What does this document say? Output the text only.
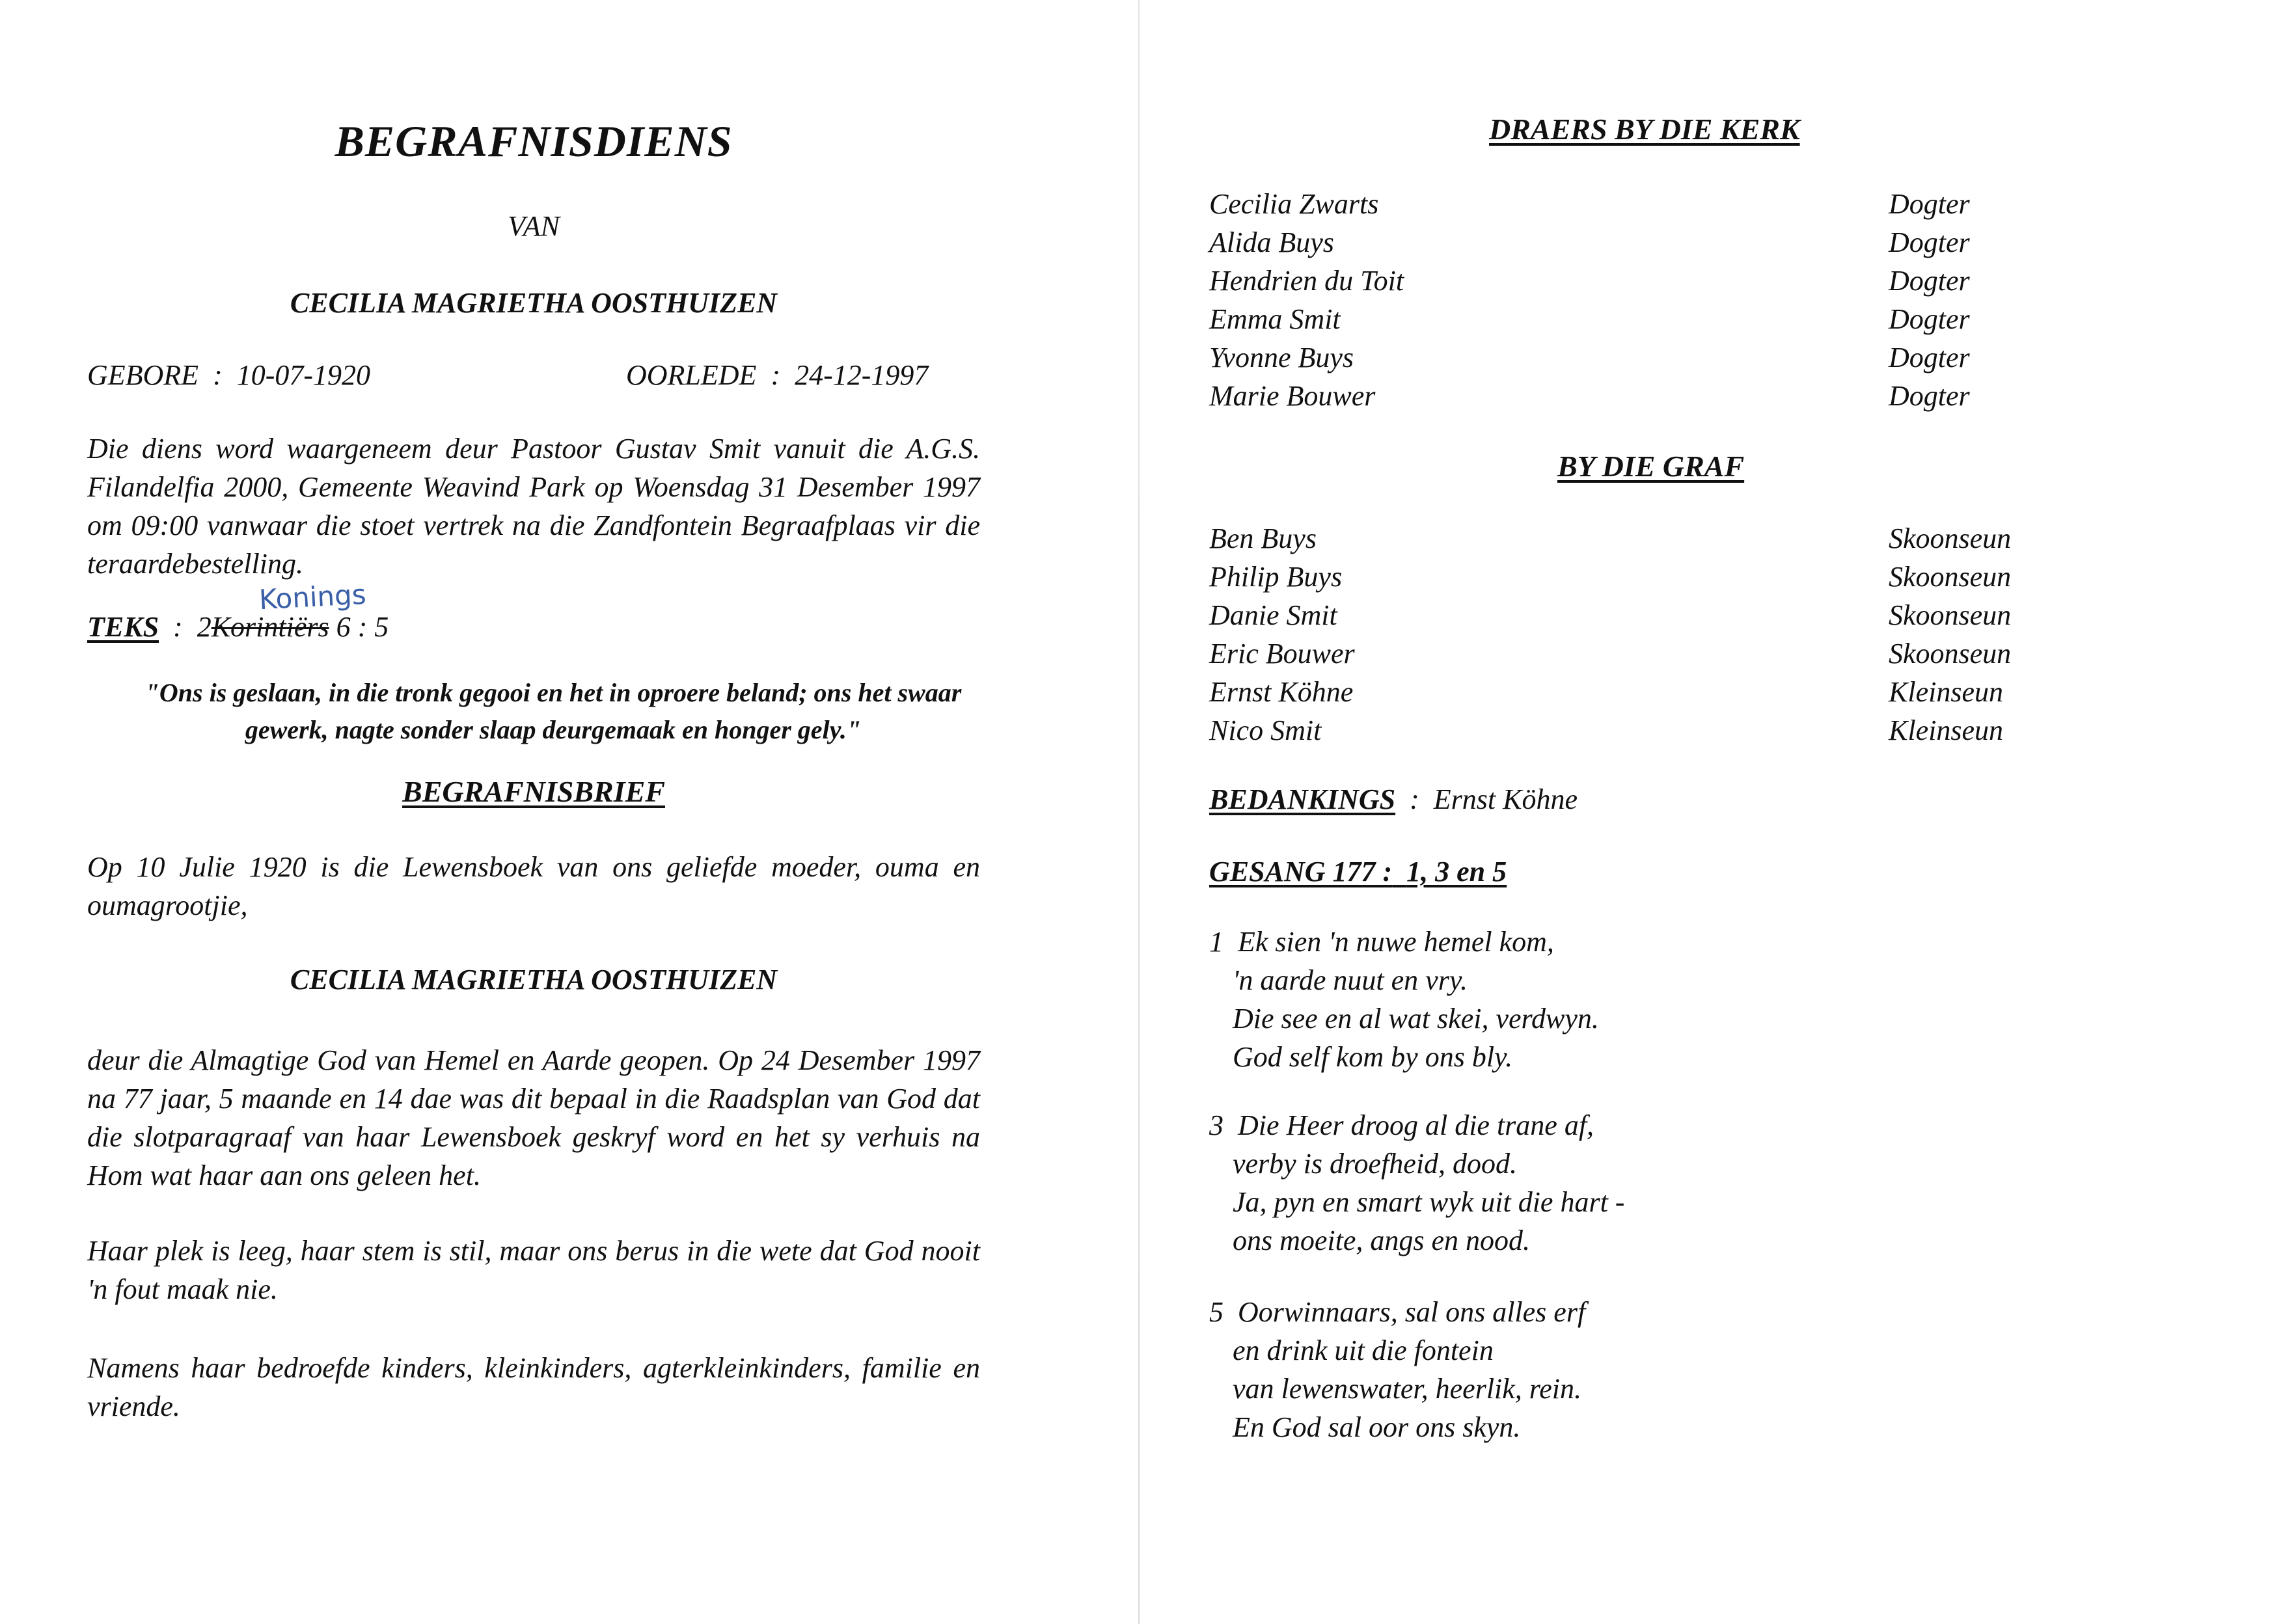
BEGRAFNISDIENS
VAN
CECILIA MAGRIETHA OOSTHUIZEN
GEBORE : 10-07-1920	OORLEDE : 24-12-1997
Die diens word waargeneem deur Pastoor Gustav Smit vanuit die A.G.S. Filandelfia 2000, Gemeente Weavind Park op Woensdag 31 Desember 1997 om 09:00 vanwaar die stoet vertrek na die Zandfontein Begraafplaas vir die teraardebestelling.
Konings
TEKS  :  2Korintiërs 6 : 5
"Ons is geslaan, in die tronk gegooi en het in oproere beland; ons het swaar gewerk, nagte sonder slaap deurgemaak en honger gely."
BEGRAFNISBRIEF
Op 10 Julie 1920 is die Lewensboek van ons geliefde moeder, ouma en oumagrootjie,
CECILIA MAGRIETHA OOSTHUIZEN
deur die Almagtige God van Hemel en Aarde geopen. Op 24 Desember 1997 na 77 jaar, 5 maande en 14 dae was dit bepaal in die Raadsplan van God dat die slotparagraaf van haar Lewensboek geskryf word en het sy verhuis na Hom wat haar aan ons geleen het.
Haar plek is leeg, haar stem is stil, maar ons berus in die wete dat God nooit 'n fout maak nie.
Namens haar bedroefde kinders, kleinkinders, agterkleinkinders, familie en vriende.
DRAERS BY DIE KERK
Cecilia Zwarts
Alida Buys
Hendrien du Toit
Emma Smit
Yvonne Buys
Marie Bouwer
Dogter
Dogter
Dogter
Dogter
Dogter
Dogter
BY DIE GRAF
Ben Buys
Philip Buys
Danie Smit
Eric Bouwer
Ernst Köhne
Nico Smit
Skoonseun
Skoonseun
Skoonseun
Skoonseun
Kleinseun
Kleinseun
BEDANKINGS : Ernst Köhne
GESANG 177 : 1, 3 en 5
1 Ek sien 'n nuwe hemel kom,
'n aarde nuut en vry.
Die see en al wat skei, verdwyn.
God self kom by ons bly.
3 Die Heer droog al die trane af,
verby is droefheid, dood.
Ja, pyn en smart wyk uit die hart -
ons moeite, angs en nood.
5 Oorwinnaars, sal ons alles erf
en drink uit die fontein
van lewenswater, heerlik, rein.
En God sal oor ons skyn.
